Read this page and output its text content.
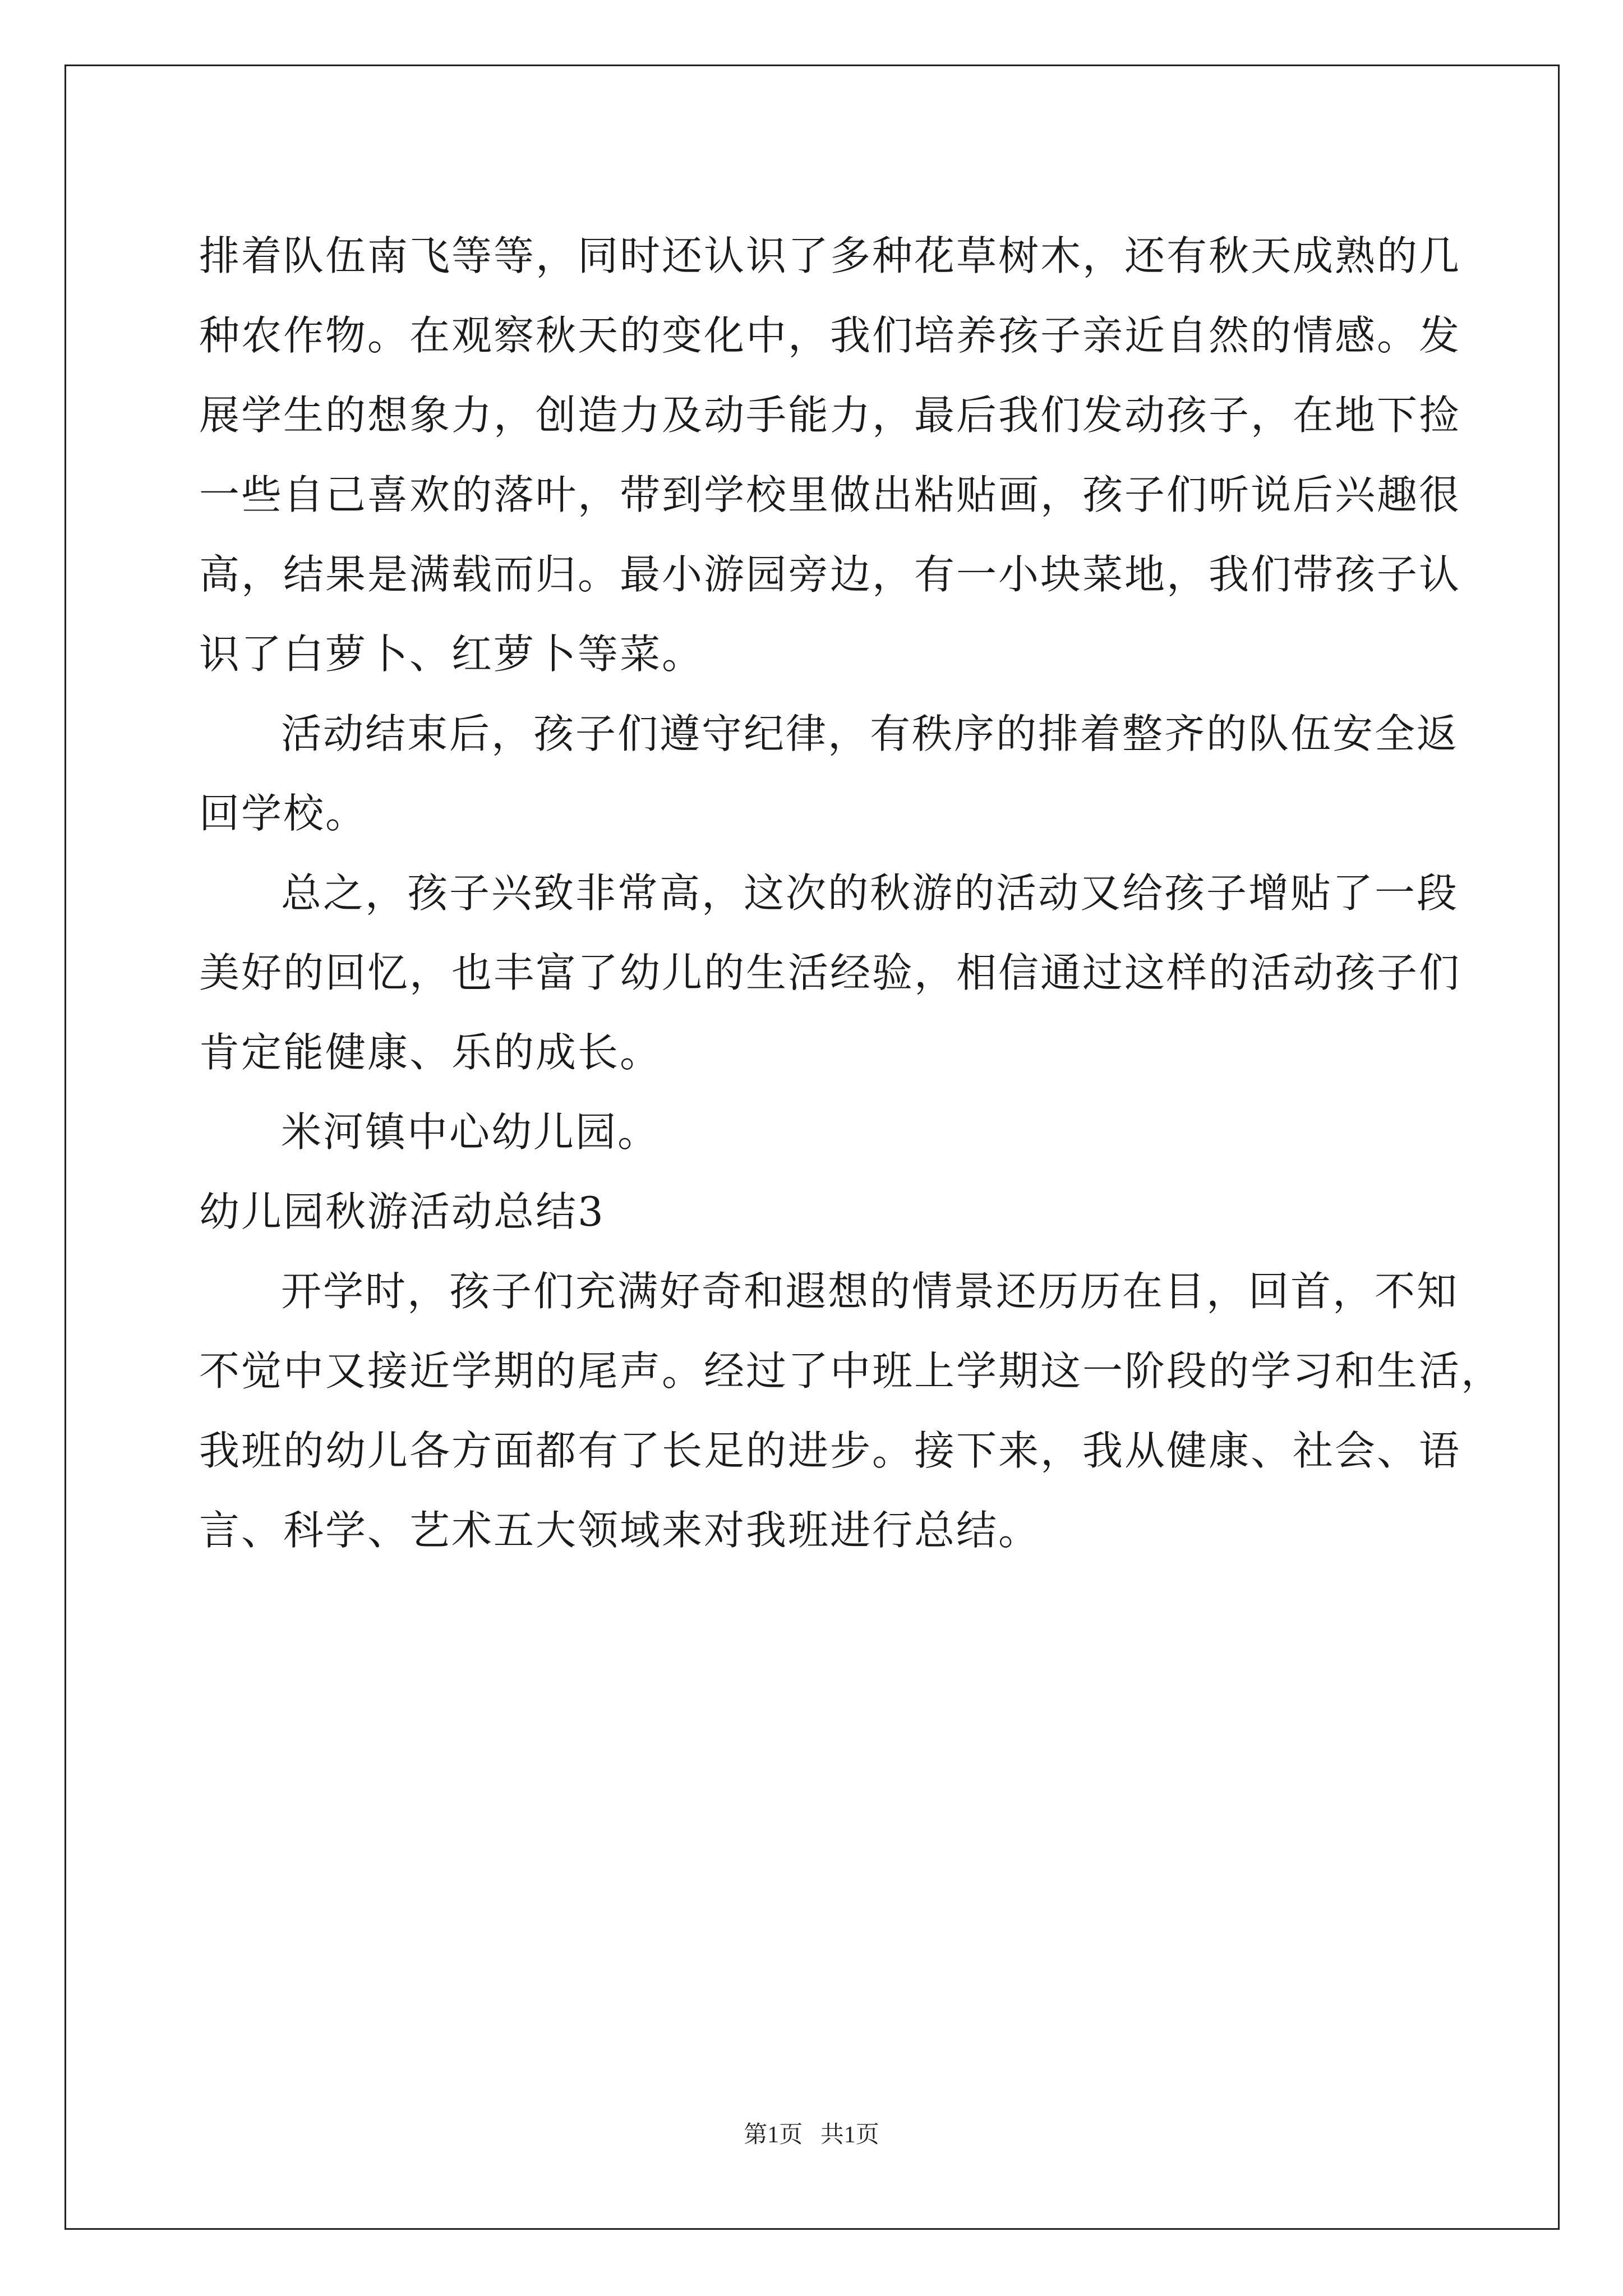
排着队伍南飞等等，同时还认识了多种花草树木，还有秋天成熟的几
种农作物。在观察秋天的变化中，我们培养孩子亲近自然的情感。发
展学生的想象力，创造力及动手能力，最后我们发动孩子，在地下捡
一些自己喜欢的落叶，带到学校里做出粘贴画，孩子们听说后兴趣很
高，结果是满载而归。最小游园旁边，有一小块菜地，我们带孩子认
识了白萝卜、红萝卜等菜。
活动结束后，孩子们遵守纪律，有秩序的排着整齐的队伍安全返
回学校。
总之，孩子兴致非常高，这次的秋游的活动又给孩子增贴了一段
美好的回忆，也丰富了幼儿的生活经验，相信通过这样的活动孩子们
肯定能健康、乐的成长。
米河镇中心幼儿园。
幼儿园秋游活动总结3
开学时，孩子们充满好奇和遐想的情景还历历在目，回首，不知
不觉中又接近学期的尾声。经过了中班上学期这一阶段的学习和生活，
我班的幼儿各方面都有了长足的进步。接下来，我从健康、社会、语
言、科学、艺术五大领域来对我班进行总结。
第1页   共1页
